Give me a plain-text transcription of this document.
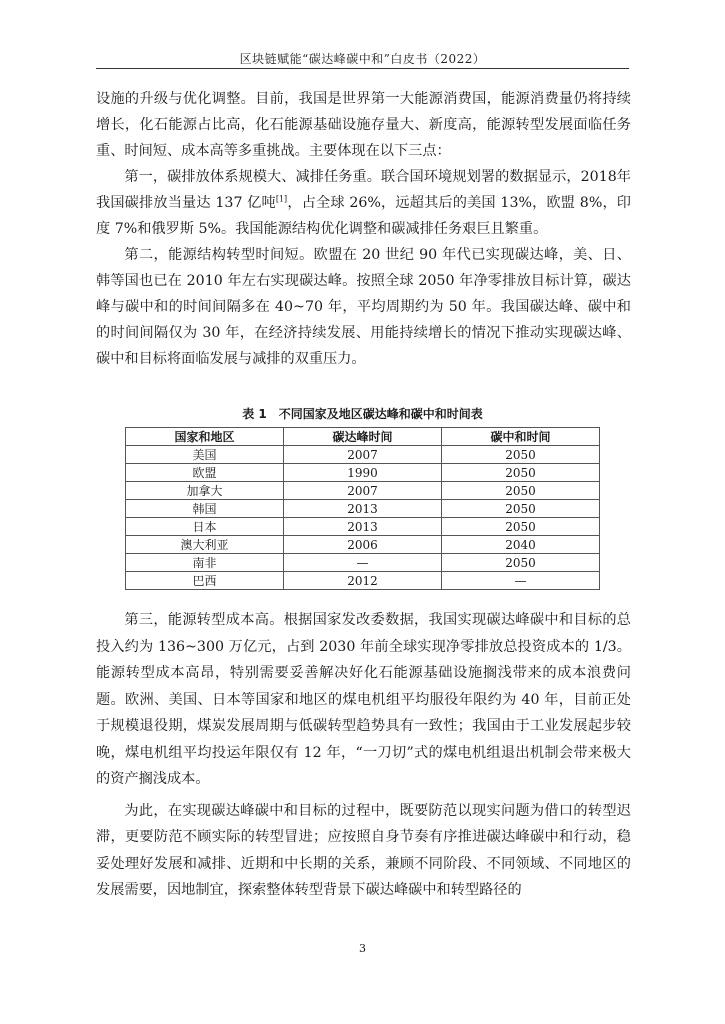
区块链赋能“碳达峰碳中和”白皮书（2022）

设施的升级与优化调整。目前，我国是世界第一大能源消费国，能源消费量仍将持续增长，化石能源占比高，化石能源基础设施存量大、新度高，能源转型发展面临任务重、时间短、成本高等多重挑战。主要体现在以下三点：

第一，碳排放体系规模大、减排任务重。联合国环境规划署的数据显示，2018年我国碳排放当量达 137 亿吨[1]，占全球 26%，远超其后的美国 13%，欧盟 8%，印度 7%和俄罗斯 5%。我国能源结构优化调整和碳减排任务艰巨且繁重。

第二，能源结构转型时间短。欧盟在 20 世纪 90 年代已实现碳达峰，美、日、韩等国也已在 2010 年左右实现碳达峰。按照全球 2050 年净零排放目标计算，碳达峰与碳中和的时间间隔多在 40~70 年，平均周期约为 50 年。我国碳达峰、碳中和的时间间隔仅为 30 年，在经济持续发展、用能持续增长的情况下推动实现碳达峰、碳中和目标将面临发展与减排的双重压力。

表 1　不同国家及地区碳达峰和碳中和时间表
国家和地区	碳达峰时间	碳中和时间
美国	2007	2050
欧盟	1990	2050
加拿大	2007	2050
韩国	2013	2050
日本	2013	2050
澳大利亚	2006	2040
南非	—	2050
巴西	2012	—

第三，能源转型成本高。根据国家发改委数据，我国实现碳达峰碳中和目标的总投入约为 136~300 万亿元，占到 2030 年前全球实现净零排放总投资成本的 1/3。能源转型成本高昂，特别需要妥善解决好化石能源基础设施搁浅带来的成本浪费问题。欧洲、美国、日本等国家和地区的煤电机组平均服役年限约为 40 年，目前正处于规模退役期，煤炭发展周期与低碳转型趋势具有一致性；我国由于工业发展起步较晚，煤电机组平均投运年限仅有 12 年，“一刀切”式的煤电机组退出机制会带来极大的资产搁浅成本。

为此，在实现碳达峰碳中和目标的过程中，既要防范以现实问题为借口的转型迟滞，更要防范不顾实际的转型冒进；应按照自身节奏有序推进碳达峰碳中和行动，稳妥处理好发展和减排、近期和中长期的关系，兼顾不同阶段、不同领域、不同地区的发展需要，因地制宜，探索整体转型背景下碳达峰碳中和转型路径的

3
